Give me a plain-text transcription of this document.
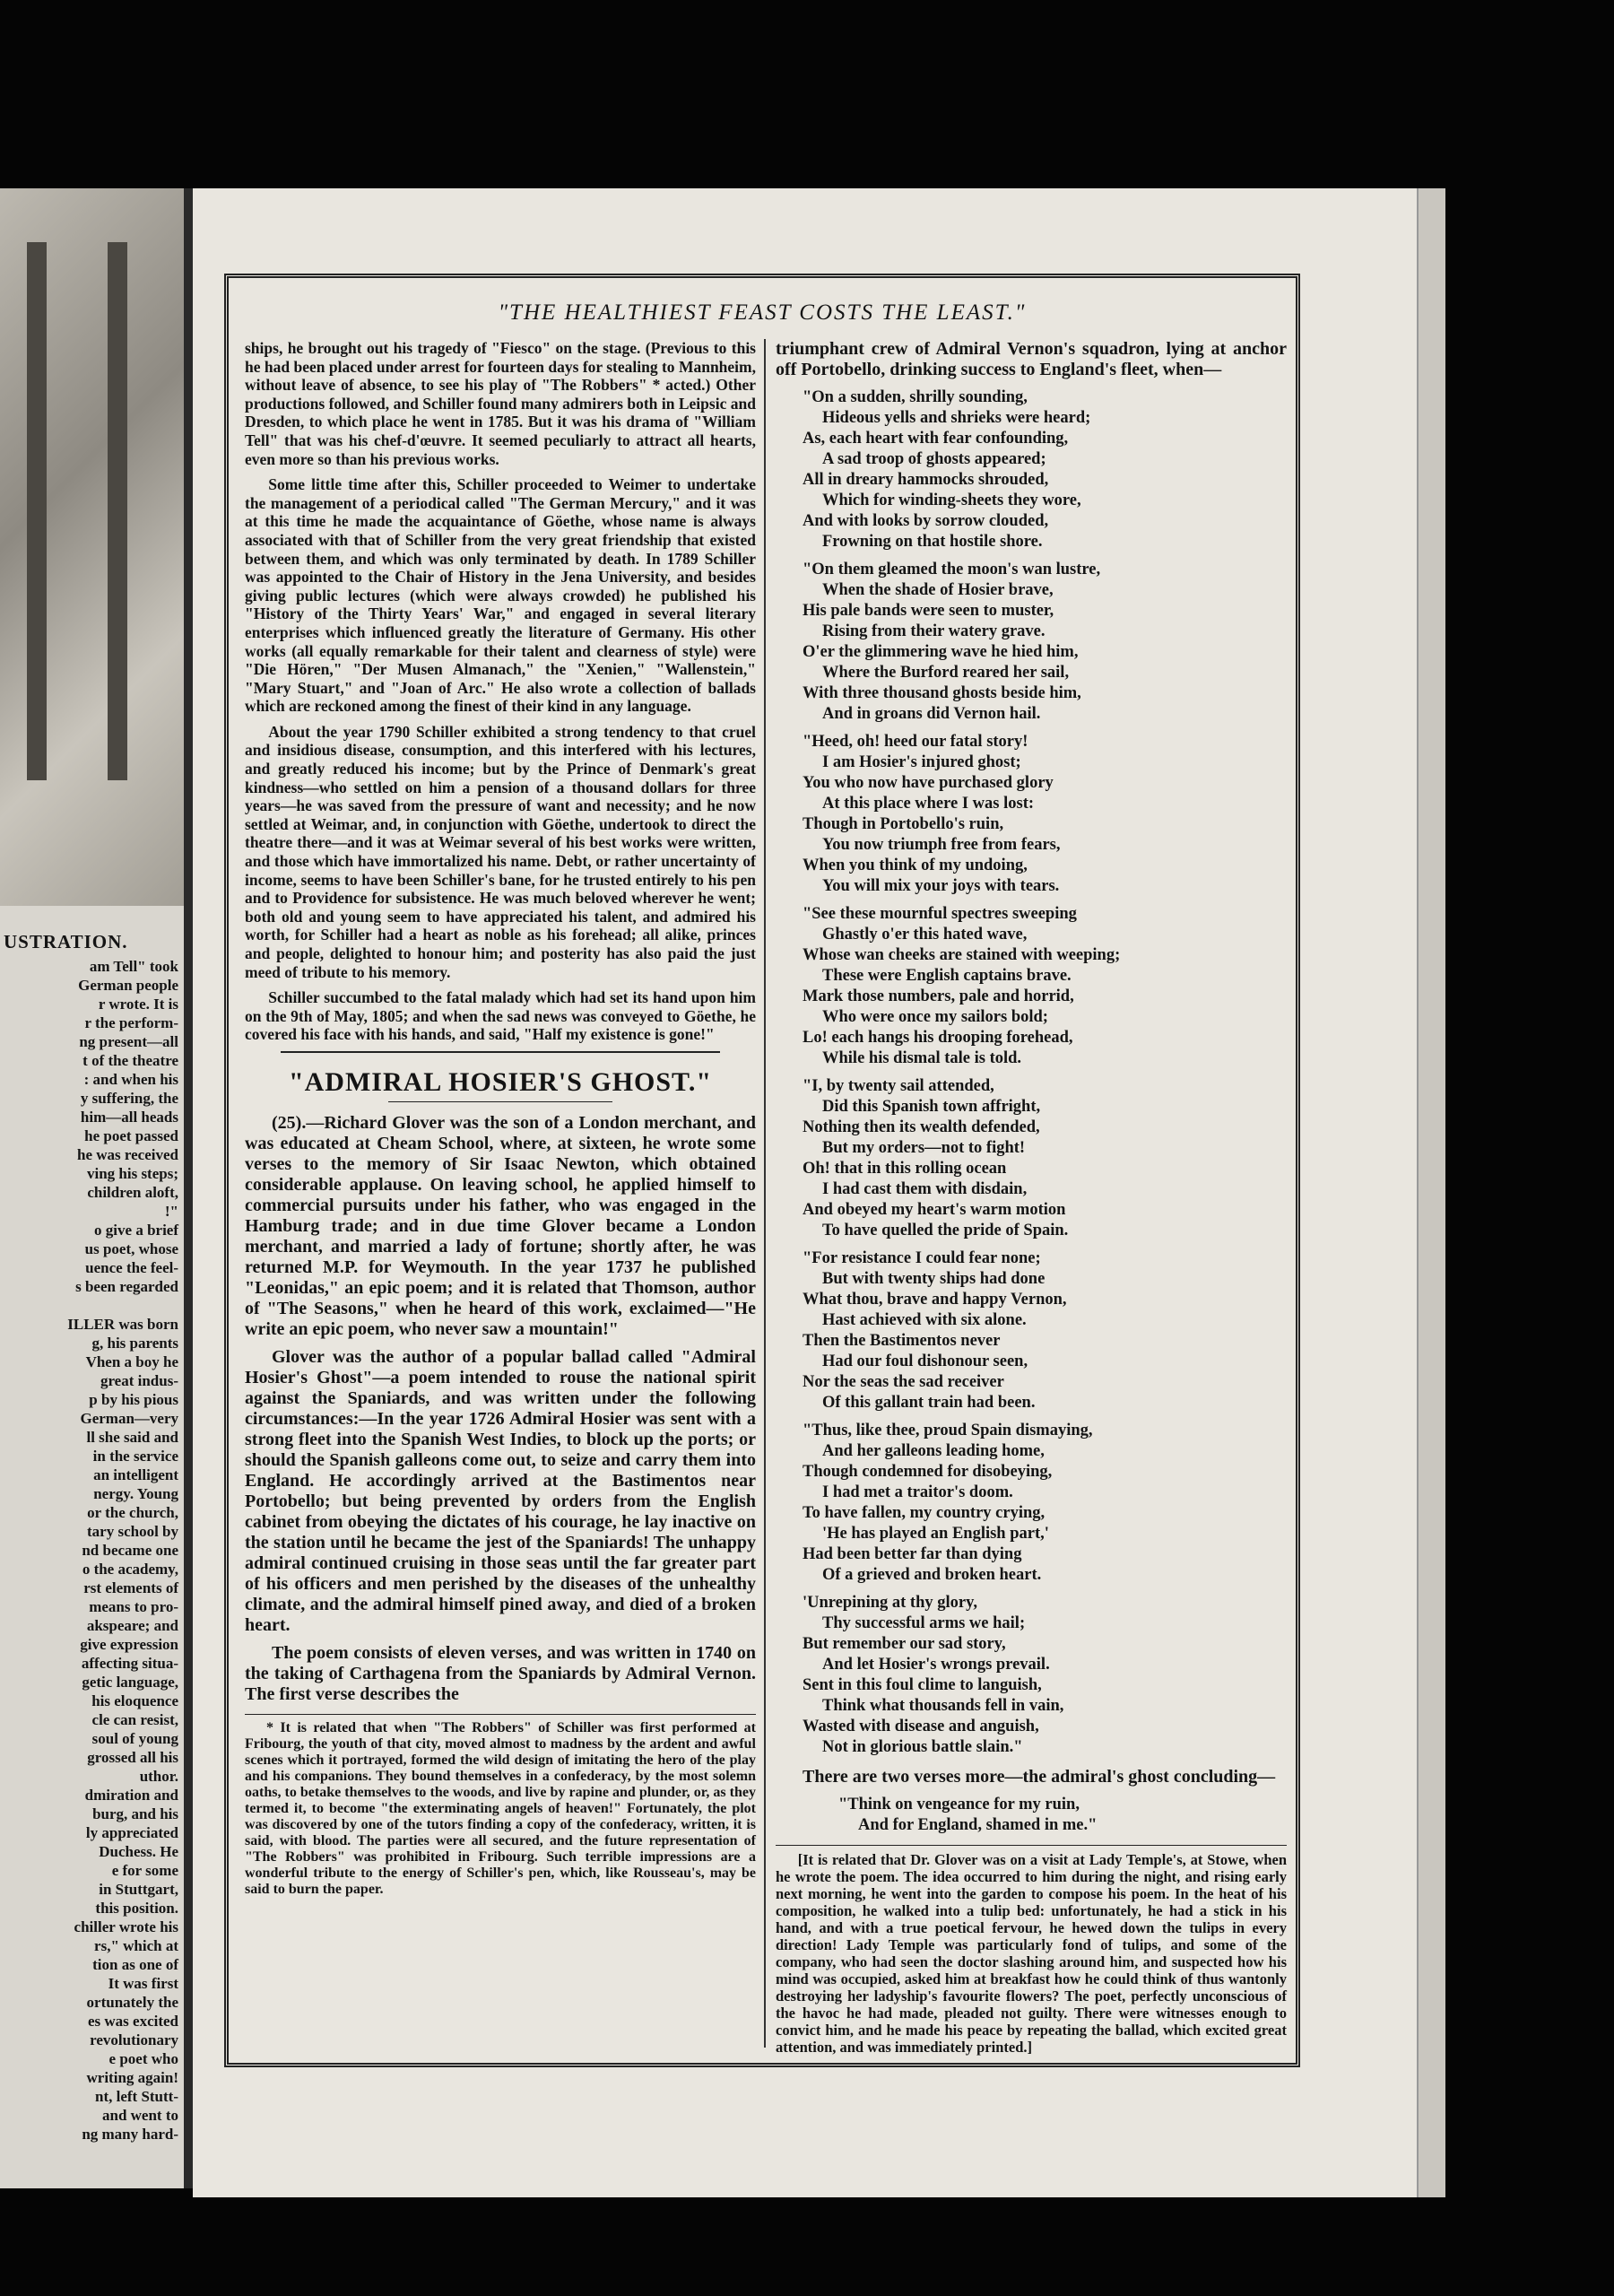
USTRATION.
am Tell" took
German people
r wrote. It is
r the perform-
ng present—all
t of the theatre
: and when his
y suffering, the
him—all heads
he poet passed
he was received
ving his steps;
children aloft,
!"
o give a brief
us poet, whose
uence the feel-
s been regarded

ILLER was born
g, his parents
Vhen a boy he
great indus-
p by his pious
German—very
ll she said and
in the service
an intelligent
nergy. Young
or the church,
tary school by
nd became one
o the academy,
rst elements of
means to pro-
akspeare; and
give expression
affecting situa-
getic language,
his eloquence
cle can resist,
soul of young
grossed all his
uthor.
dmiration and
burg, and his
ly appreciated
Duchess. He
e for some
in Stuttgart,
this position.
chiller wrote his
rs," which at
tion as one of
It was first
ortunately the
es was excited
revolutionary
e poet who
writing again!
nt, left Stutt-
and went to
ng many hard-
"THE HEALTHIEST FEAST COSTS THE LEAST."

ships, he brought out his tragedy of "Fiesco" on the stage. (Previous to this he had been placed under arrest for fourteen days for stealing to Mannheim, without leave of absence, to see his play of "The Robbers" * acted.) Other productions followed, and Schiller found many admirers both in Leipsic and Dresden, to which place he went in 1785. But it was his drama of "William Tell" that was his chef-d'œuvre. It seemed peculiarly to attract all hearts, even more so than his previous works.

Some little time after this, Schiller proceeded to Weimer to undertake the management of a periodical called "The German Mercury," and it was at this time he made the acquaintance of Göethe, whose name is always associated with that of Schiller from the very great friendship that existed between them, and which was only terminated by death. In 1789 Schiller was appointed to the Chair of History in the Jena University, and besides giving public lectures (which were always crowded) he published his "History of the Thirty Years' War," and engaged in several literary enterprises which influenced greatly the literature of Germany. His other works (all equally remarkable for their talent and clearness of style) were "Die Hören," "Der Musen Almanach," the "Xenien," "Wallenstein," "Mary Stuart," and "Joan of Arc." He also wrote a collection of ballads which are reckoned among the finest of their kind in any language.

About the year 1790 Schiller exhibited a strong tendency to that cruel and insidious disease, consumption, and this interfered with his lectures, and greatly reduced his income; but by the Prince of Denmark's great kindness—who settled on him a pension of a thousand dollars for three years—he was saved from the pressure of want and necessity; and he now settled at Weimar, and, in conjunction with Göethe, undertook to direct the theatre there—and it was at Weimar several of his best works were written, and those which have immortalized his name. Debt, or rather uncertainty of income, seems to have been Schiller's bane, for he trusted entirely to his pen and to Providence for subsistence. He was much beloved wherever he went; both old and young seem to have appreciated his talent, and admired his worth, for Schiller had a heart as noble as his forehead; all alike, princes and people, delighted to honour him; and posterity has also paid the just meed of tribute to his memory.

Schiller succumbed to the fatal malady which had set its hand upon him on the 9th of May, 1805; and when the sad news was conveyed to Göethe, he covered his face with his hands, and said, "Half my existence is gone!"

"ADMIRAL HOSIER'S GHOST."

(25).—Richard Glover was the son of a London merchant, and was educated at Cheam School, where, at sixteen, he wrote some verses to the memory of Sir Isaac Newton, which obtained considerable applause. On leaving school, he applied himself to commercial pursuits under his father, who was engaged in the Hamburg trade; and in due time Glover became a London merchant, and married a lady of fortune; shortly after, he was returned M.P. for Weymouth. In the year 1737 he published "Leonidas," an epic poem; and it is related that Thomson, author of "The Seasons," when he heard of this work, exclaimed—"He write an epic poem, who never saw a mountain!"

Glover was the author of a popular ballad called "Admiral Hosier's Ghost"—a poem intended to rouse the national spirit against the Spaniards, and was written under the following circumstances:—In the year 1726 Admiral Hosier was sent with a strong fleet into the Spanish West Indies, to block up the ports; or should the Spanish galleons come out, to seize and carry them into England. He accordingly arrived at the Bastimentos near Portobello; but being prevented by orders from the English cabinet from obeying the dictates of his courage, he lay inactive on the station until he became the jest of the Spaniards! The unhappy admiral continued cruising in those seas until the far greater part of his officers and men perished by the diseases of the unhealthy climate, and the admiral himself pined away, and died of a broken heart.

The poem consists of eleven verses, and was written in 1740 on the taking of Carthagena from the Spaniards by Admiral Vernon. The first verse describes the

* It is related that when "The Robbers" of Schiller was first performed at Fribourg, the youth of that city, moved almost to madness by the ardent and awful scenes which it portrayed, formed the wild design of imitating the hero of the play and his companions. They bound themselves in a confederacy, by the most solemn oaths, to betake themselves to the woods, and live by rapine and plunder, or, as they termed it, to become "the exterminating angels of heaven!" Fortunately, the plot was discovered by one of the tutors finding a copy of the confederacy, written, it is said, with blood. The parties were all secured, and the future representation of "The Robbers" was prohibited in Fribourg. Such terrible impressions are a wonderful tribute to the energy of Schiller's pen, which, like Rousseau's, may be said to burn the paper.

triumphant crew of Admiral Vernon's squadron, lying at anchor off Portobello, drinking success to England's fleet, when—

"On a sudden, shrilly sounding,
Hideous yells and shrieks were heard;
As, each heart with fear confounding,
A sad troop of ghosts appeared;
All in dreary hammocks shrouded,
Which for winding-sheets they wore,
And with looks by sorrow clouded,
Frowning on that hostile shore.
"On them gleamed the moon's wan lustre,
When the shade of Hosier brave,
His pale bands were seen to muster,
Rising from their watery grave.
O'er the glimmering wave he hied him,
Where the Burford reared her sail,
With three thousand ghosts beside him,
And in groans did Vernon hail.
"Heed, oh! heed our fatal story!
I am Hosier's injured ghost;
You who now have purchased glory
At this place where I was lost:
Though in Portobello's ruin,
You now triumph free from fears,
When you think of my undoing,
You will mix your joys with tears.
"See these mournful spectres sweeping
Ghastly o'er this hated wave,
Whose wan cheeks are stained with weeping;
These were English captains brave.
Mark those numbers, pale and horrid,
Who were once my sailors bold;
Lo! each hangs his drooping forehead,
While his dismal tale is told.
"I, by twenty sail attended,
Did this Spanish town affright,
Nothing then its wealth defended,
But my orders—not to fight!
Oh! that in this rolling ocean
I had cast them with disdain,
And obeyed my heart's warm motion
To have quelled the pride of Spain.
"For resistance I could fear none;
But with twenty ships had done
What thou, brave and happy Vernon,
Hast achieved with six alone.
Then the Bastimentos never
Had our foul dishonour seen,
Nor the seas the sad receiver
Of this gallant train had been.
"Thus, like thee, proud Spain dismaying,
And her galleons leading home,
Though condemned for disobeying,
I had met a traitor's doom.
To have fallen, my country crying,
'He has played an English part,'
Had been better far than dying
Of a grieved and broken heart.
'Unrepining at thy glory,
Thy successful arms we hail;
But remember our sad story,
And let Hosier's wrongs prevail.
Sent in this foul clime to languish,
Think what thousands fell in vain,
Wasted with disease and anguish,
Not in glorious battle slain."

There are two verses more—the admiral's ghost concluding—

"Think on vengeance for my ruin,
And for England, shamed in me."

[It is related that Dr. Glover was on a visit at Lady Temple's, at Stowe, when he wrote the poem. The idea occurred to him during the night, and rising early next morning, he went into the garden to compose his poem. In the heat of his composition, he walked into a tulip bed: unfortunately, he had a stick in his hand, and with a true poetical fervour, he hewed down the tulips in every direction! Lady Temple was particularly fond of tulips, and some of the company, who had seen the doctor slashing around him, and suspected how his mind was occupied, asked him at breakfast how he could think of thus wantonly destroying her ladyship's favourite flowers? The poet, perfectly unconscious of the havoc he had made, pleaded not guilty. There were witnesses enough to convict him, and he made his peace by repeating the ballad, which excited great attention, and was immediately printed.]
